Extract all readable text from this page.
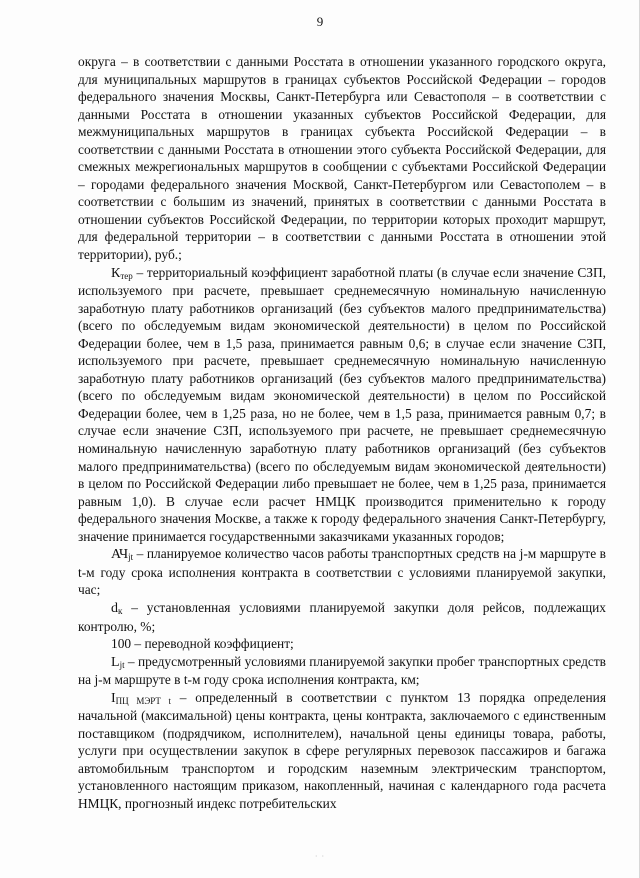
9

округа – в соответствии с данными Росстата в отношении указанного городского округа, для муниципальных маршрутов в границах субъектов Российской Федерации – городов федерального значения Москвы, Санкт-Петербурга или Севастополя – в соответствии с данными Росстата в отношении указанных субъектов Российской Федерации, для межмуниципальных маршрутов в границах субъекта Российской Федерации – в соответствии с данными Росстата в отношении этого субъекта Российской Федерации, для смежных межрегиональных маршрутов в сообщении с субъектами Российской Федерации – городами федерального значения Москвой, Санкт-Петербургом или Севастополем – в соответствии с большим из значений, принятых в соответствии с данными Росстата в отношении субъектов Российской Федерации, по территории которых проходит маршрут, для федеральной территории – в соответствии с данными Росстата в отношении этой территории), руб.;

$К_{тер}$ – территориальный коэффициент заработной платы (в случае если значение СЗП, используемого при расчете, превышает среднемесячную номинальную начисленную заработную плату работников организаций (без субъектов малого предпринимательства) (всего по обследуемым видам экономической деятельности) в целом по Российской Федерации более, чем в 1,5 раза, принимается равным 0,6; в случае если значение СЗП, используемого при расчете, превышает среднемесячную номинальную начисленную заработную плату работников организаций (без субъектов малого предпринимательства) (всего по обследуемым видам экономической деятельности) в целом по Российской Федерации более, чем в 1,25 раза, но не более, чем в 1,5 раза, принимается равным 0,7; в случае если значение СЗП, используемого при расчете, не превышает среднемесячную номинальную начисленную заработную плату работников организаций (без субъектов малого предпринимательства) (всего по обследуемым видам экономической деятельности) в целом по Российской Федерации либо превышает не более, чем в 1,25 раза, принимается равным 1,0). В случае если расчет НМЦК производится применительно к городу федерального значения Москве, а также к городу федерального значения Санкт-Петербургу, значение принимается государственными заказчиками указанных городов;

$АЧ_{jt}$ – планируемое количество часов работы транспортных средств на j-м маршруте в t-м году срока исполнения контракта в соответствии с условиями планируемой закупки, час;

$d_к$ – установленная условиями планируемой закупки доля рейсов, подлежащих контролю, %;

100 – переводной коэффициент;

$L_{jt}$ – предусмотренный условиями планируемой закупки пробег транспортных средств на j-м маршруте в t-м году срока исполнения контракта, км;

$I_{ПЦ МЭРТ t}$ – определенный в соответствии с пунктом 13 порядка определения начальной (максимальной) цены контракта, цены контракта, заключаемого с единственным поставщиком (подрядчиком, исполнителем), начальной цены единицы товара, работы, услуги при осуществлении закупок в сфере регулярных перевозок пассажиров и багажа автомобильным транспортом и городским наземным электрическим транспортом, установленного настоящим приказом, накопленный, начиная с календарного года расчета НМЦК, прогнозный индекс потребительских

· ·
